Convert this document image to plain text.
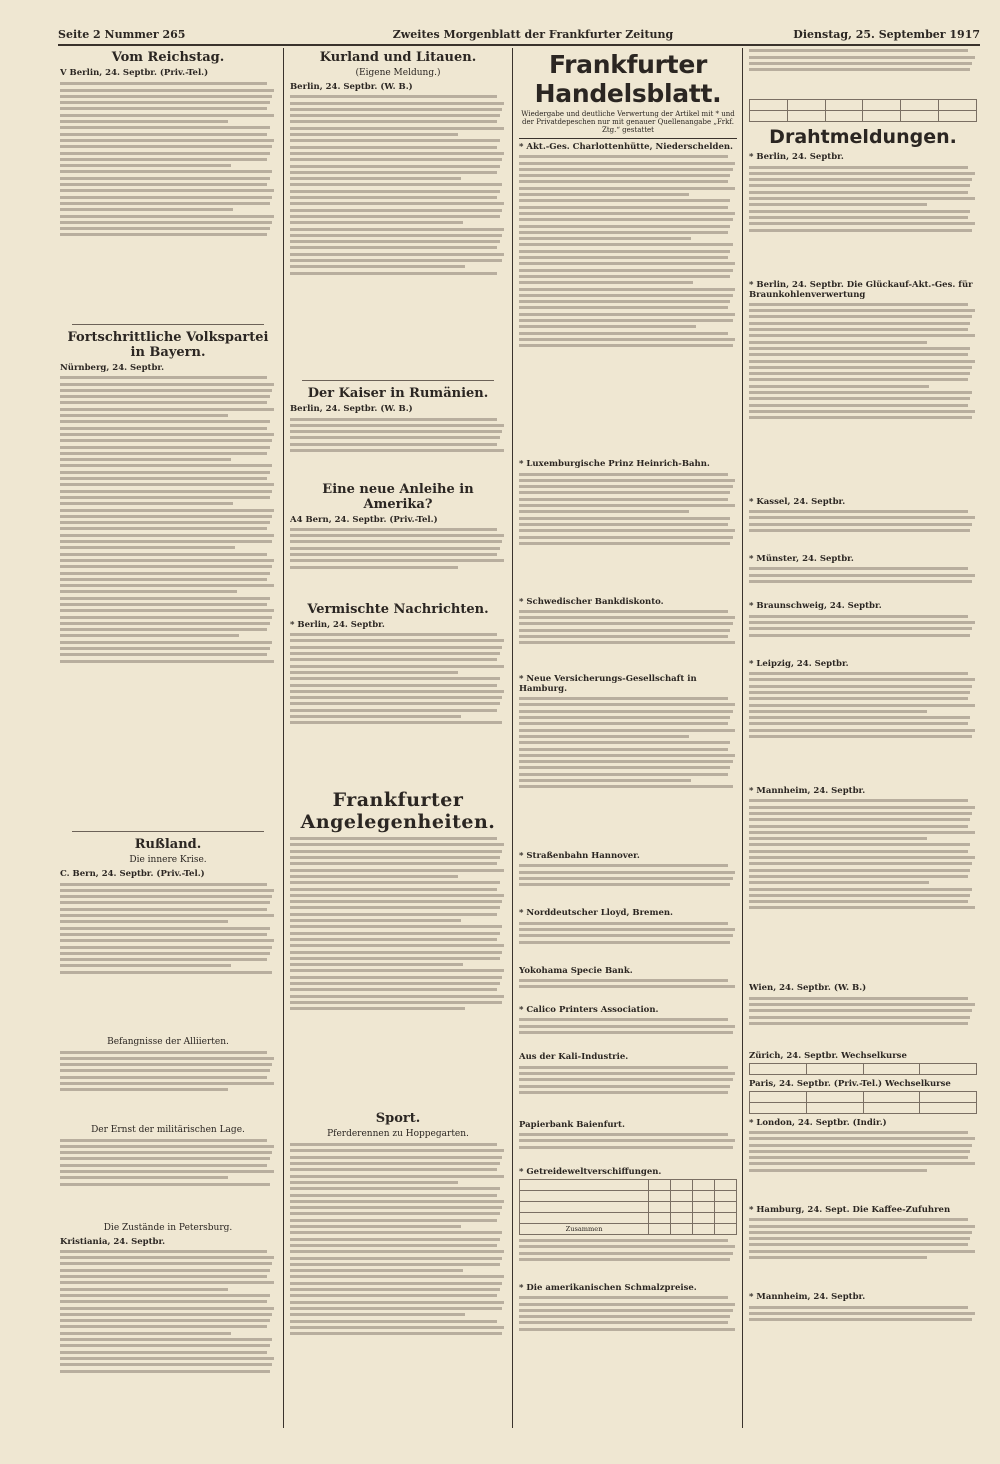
Seite 2 Nummer 265	Zweites Morgenblatt der Frankfurter Zeitung	Dienstag, 25. September 1917
Vom Reichstag.
V Berlin, 24. Septbr. (Priv.-Tel.)
Fortschrittliche Volkspartei in Bayern.
Nürnberg, 24. Septbr.
Rußland.
Die innere Krise.
C. Bern, 24. Septbr. (Priv.-Tel.)
Befangnisse der Alliierten.
Der Ernst der militärischen Lage.
Die Zustände in Petersburg.
Kristiania, 24. Septbr.
Kurland und Litauen.
(Eigene Meldung.)
Berlin, 24. Septbr. (W. B.)
Der Kaiser in Rumänien.
Berlin, 24. Septbr. (W. B.)
Eine neue Anleihe in Amerika?
A4 Bern, 24. Septbr. (Priv.-Tel.)
Vermischte Nachrichten.
* Berlin, 24. Septbr.
Frankfurter Angelegenheiten.
Sport.
Pferderennen zu Hoppegarten.
Frankfurter Handelsblatt.
Wiedergabe und deutliche Verwertung der Artikel mit * und der Privatdepeschen nur mit genauer Quellenangabe „Frkf. Ztg.“ gestattet
* Akt.-Ges. Charlottenhütte, Niederschelden.
* Luxemburgische Prinz Heinrich-Bahn.
* Schwedischer Bankdiskonto.
* Neue Versicherungs-Gesellschaft in Hamburg.
* Straßenbahn Hannover.
* Norddeutscher Lloyd, Bremen.
Yokohama Specie Bank.
* Calico Printers Association.
Aus der Kali-Industrie.
Papierbank Baienfurt.
* Getreideweltverschiffungen.

Zusammen				
* Die amerikanischen Schmalzpreise.

Drahtmeldungen.
* Berlin, 24. Septbr.
* Berlin, 24. Septbr. Die Glückauf-Akt.-Ges. für Braunkohlenverwertung
* Kassel, 24. Septbr.
* Münster, 24. Septbr.
* Braunschweig, 24. Septbr.
* Leipzig, 24. Septbr.
* Mannheim, 24. Septbr.
Wien, 24. Septbr. (W. B.)
Zürich, 24. Septbr. Wechselkurse

Paris, 24. Septbr. (Priv.-Tel.) Wechselkurse

* London, 24. Septbr. (Indir.)
* Hamburg, 24. Sept. Die Kaffee-Zufuhren
* Mannheim, 24. Septbr.
